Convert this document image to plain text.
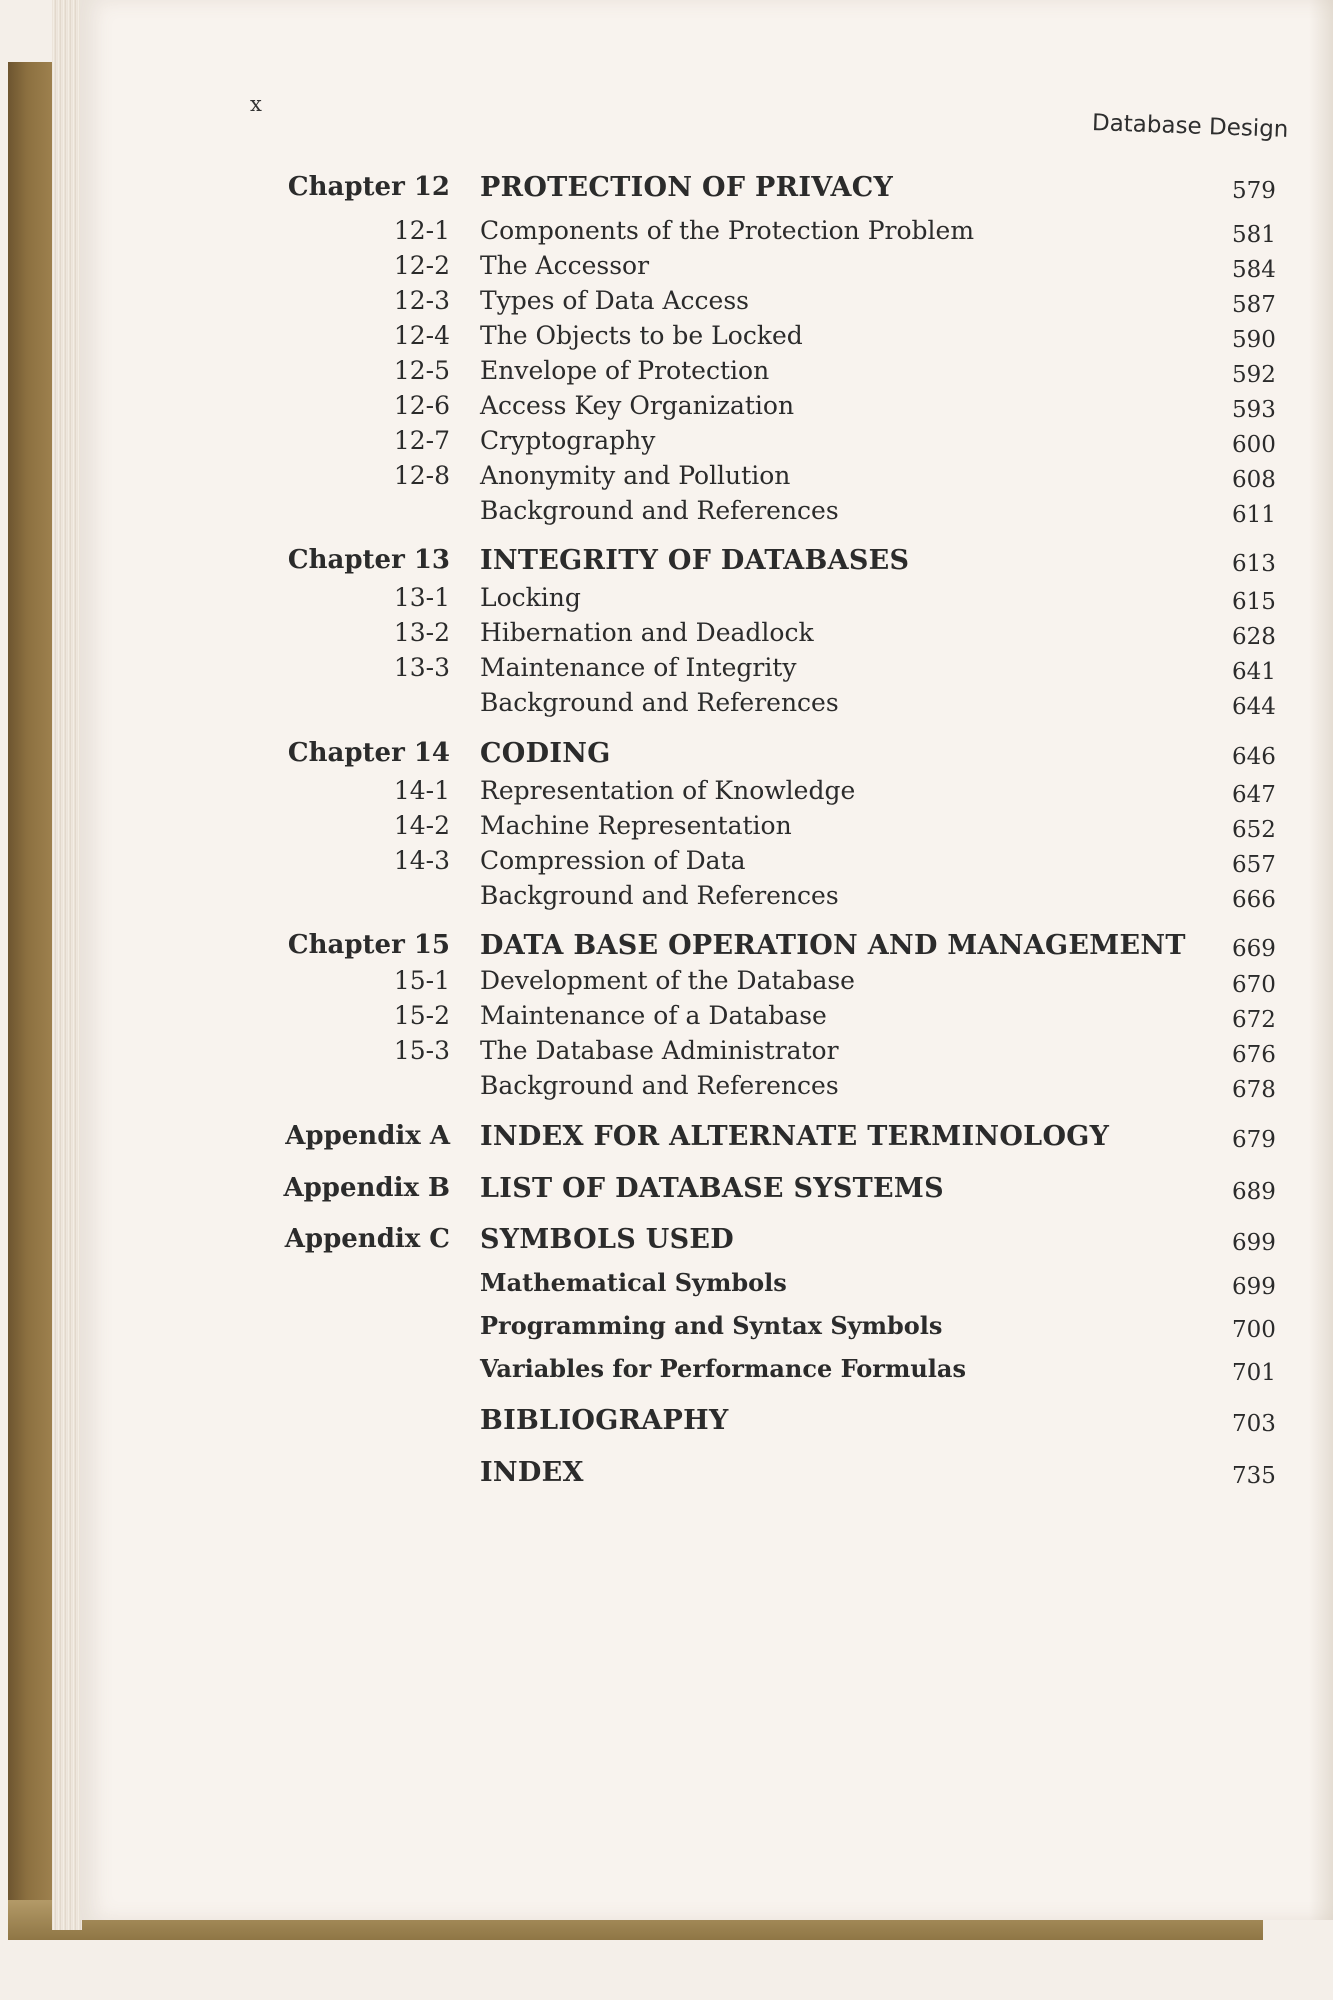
x
Database Design
Chapter 12 PROTECTION OF PRIVACY	579
12-1 Components of the Protection Problem	581
12-2 The Accessor	584
12-3 Types of Data Access	587
12-4 The Objects to be Locked	590
12-5 Envelope of Protection	592
12-6 Access Key Organization	593
12-7 Cryptography	600
12-8 Anonymity and Pollution	608
Background and References	611
Chapter 13 INTEGRITY OF DATABASES	613
13-1 Locking	615
13-2 Hibernation and Deadlock	628
13-3 Maintenance of Integrity	641
Background and References	644
Chapter 14 CODING	646
14-1 Representation of Knowledge	647
14-2 Machine Representation	652
14-3 Compression of Data	657
Background and References	666
Chapter 15 DATA BASE OPERATION AND MANAGEMENT 669
15-1 Development of the Database	670
15-2 Maintenance of a Database	672
15-3 The Database Administrator	676
Background and References	678
Appendix A INDEX FOR ALTERNATE TERMINOLOGY	679
Appendix B LIST OF DATABASE SYSTEMS	689
Appendix C SYMBOLS USED	699
Mathematical Symbols	699
Programming and Syntax Symbols	700
Variables for Performance Formulas	701
BIBLIOGRAPHY	703
INDEX	735
